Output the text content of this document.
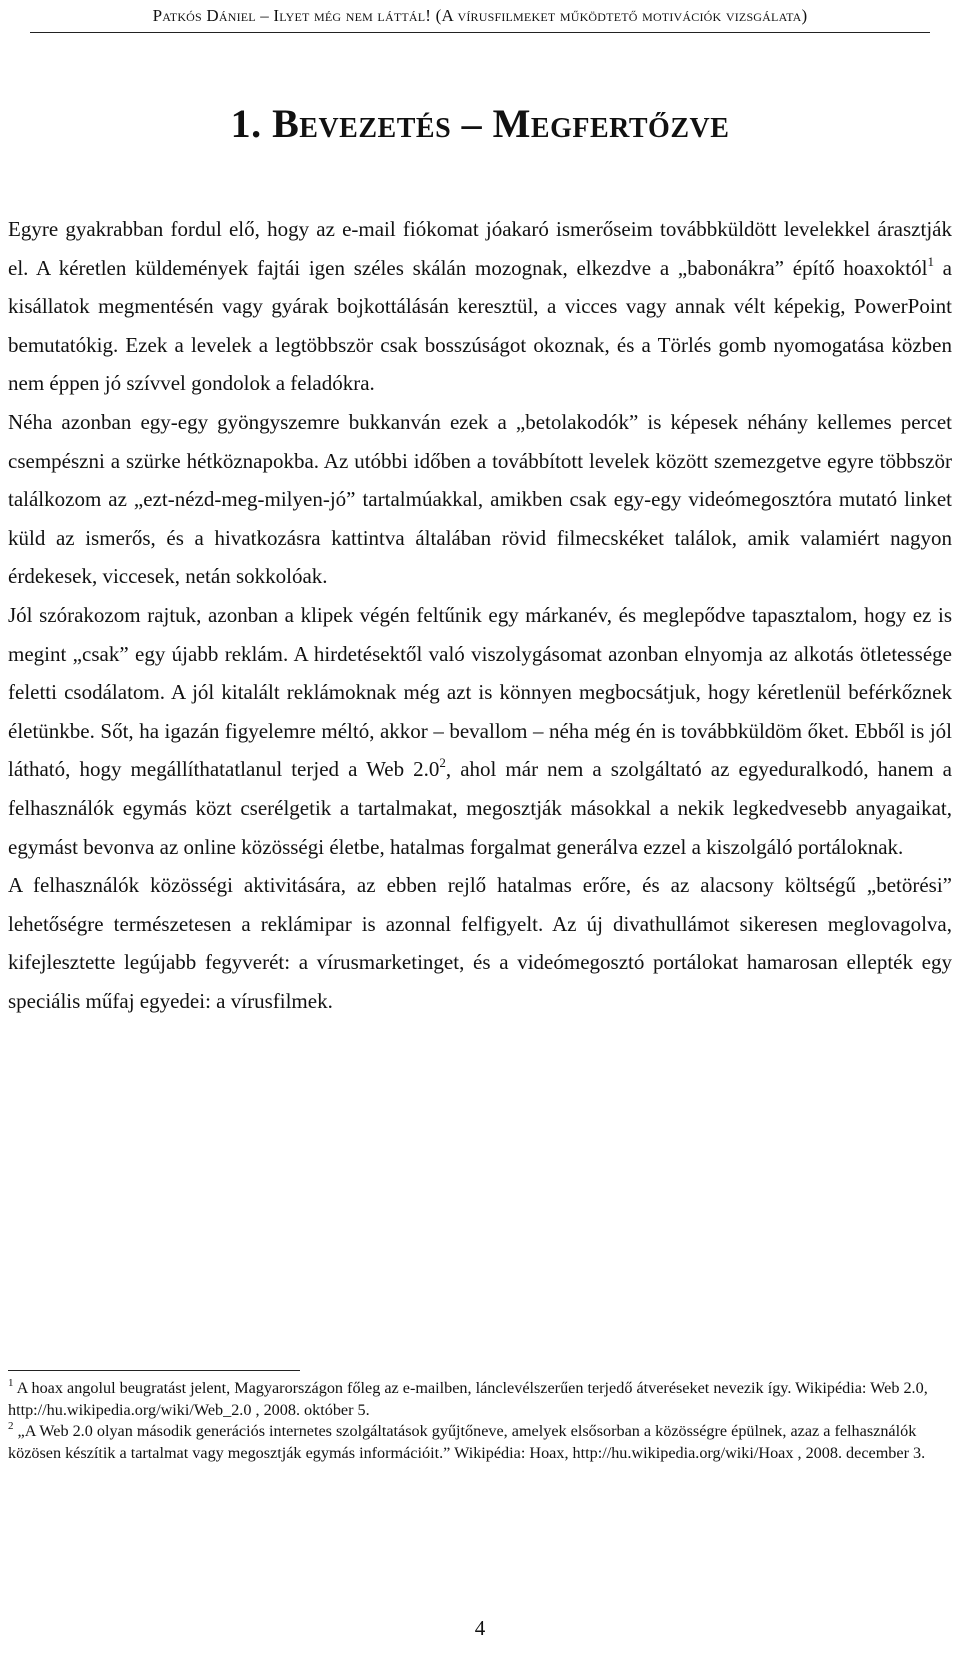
Patkós Dániel – Ilyet még nem láttál! (A vírusfilmeket működtető motivációk vizsgálata)
1. Bevezetés – Megfertőzve

Egyre gyakrabban fordul elő, hogy az e-mail fiókomat jóakaró ismerőseim továbbküldött levelekkel árasztják el. A kéretlen küldemények fajtái igen széles skálán mozognak, elkezdve a „babonákra” építő hoaxoktól$^1$ a kisállatok megmentésén vagy gyárak bojkottálásán keresztül, a vicces vagy annak vélt képekig, PowerPoint bemutatókig. Ezek a levelek a legtöbbször csak bosszúságot okoznak, és a Törlés gomb nyomogatása közben nem éppen jó szívvel gondolok a feladókra.

Néha azonban egy-egy gyöngyszemre bukkanván ezek a „betolakodók” is képesek néhány kellemes percet csempészni a szürke hétköznapokba. Az utóbbi időben a továbbított levelek között szemezgetve egyre többször találkozom az „ezt-nézd-meg-milyen-jó” tartalmúakkal, amikben csak egy-egy videómegosztóra mutató linket küld az ismerős, és a hivatkozásra kattintva általában rövid filmecskéket találok, amik valamiért nagyon érdekesek, viccesek, netán sokkolóak.

Jól szórakozom rajtuk, azonban a klipek végén feltűnik egy márkanév, és meglepődve tapasztalom, hogy ez is megint „csak” egy újabb reklám. A hirdetésektől való viszolygásomat azonban elnyomja az alkotás ötletessége feletti csodálatom. A jól kitalált reklámoknak még azt is könnyen megbocsátjuk, hogy kéretlenül beférkőznek életünkbe. Sőt, ha igazán figyelemre méltó, akkor – bevallom – néha még én is továbbküldöm őket. Ebből is jól látható, hogy megállíthatatlanul terjed a Web $2.0^2$, ahol már nem a szolgáltató az egyeduralkodó, hanem a felhasználók egymás közt cserélgetik a tartalmakat, megosztják másokkal a nekik legkedvesebb anyagaikat, egymást bevonva az online közösségi életbe, hatalmas forgalmat generálva ezzel a kiszolgáló portáloknak.

A felhasználók közösségi aktivitására, az ebben rejlő hatalmas erőre, és az alacsony költségű „betörési” lehetőségre természetesen a reklámipar is azonnal felfigyelt. Az új divathullámot sikeresen meglovagolva, kifejlesztette legújabb fegyverét: a vírusmarketinget, és a videómegosztó portálokat hamarosan ellepték egy speciális műfaj egyedei: a vírusfilmek.

$^1$ A hoax angolul beugratást jelent, Magyarországon főleg az e-mailben, lánclevélszerűen terjedő átveréseket nevezik így. Wikipédia: Web 2.0, http://hu.wikipedia.org/wiki/Web_2.0 , 2008. október 5.

$^2$ „A Web 2.0 olyan második generációs internetes szolgáltatások gyűjtőneve, amelyek elsősorban a közösségre épülnek, azaz a felhasználók közösen készítik a tartalmat vagy megosztják egymás információit.” Wikipédia: Hoax, http://hu.wikipedia.org/wiki/Hoax , 2008. december 3.

4
